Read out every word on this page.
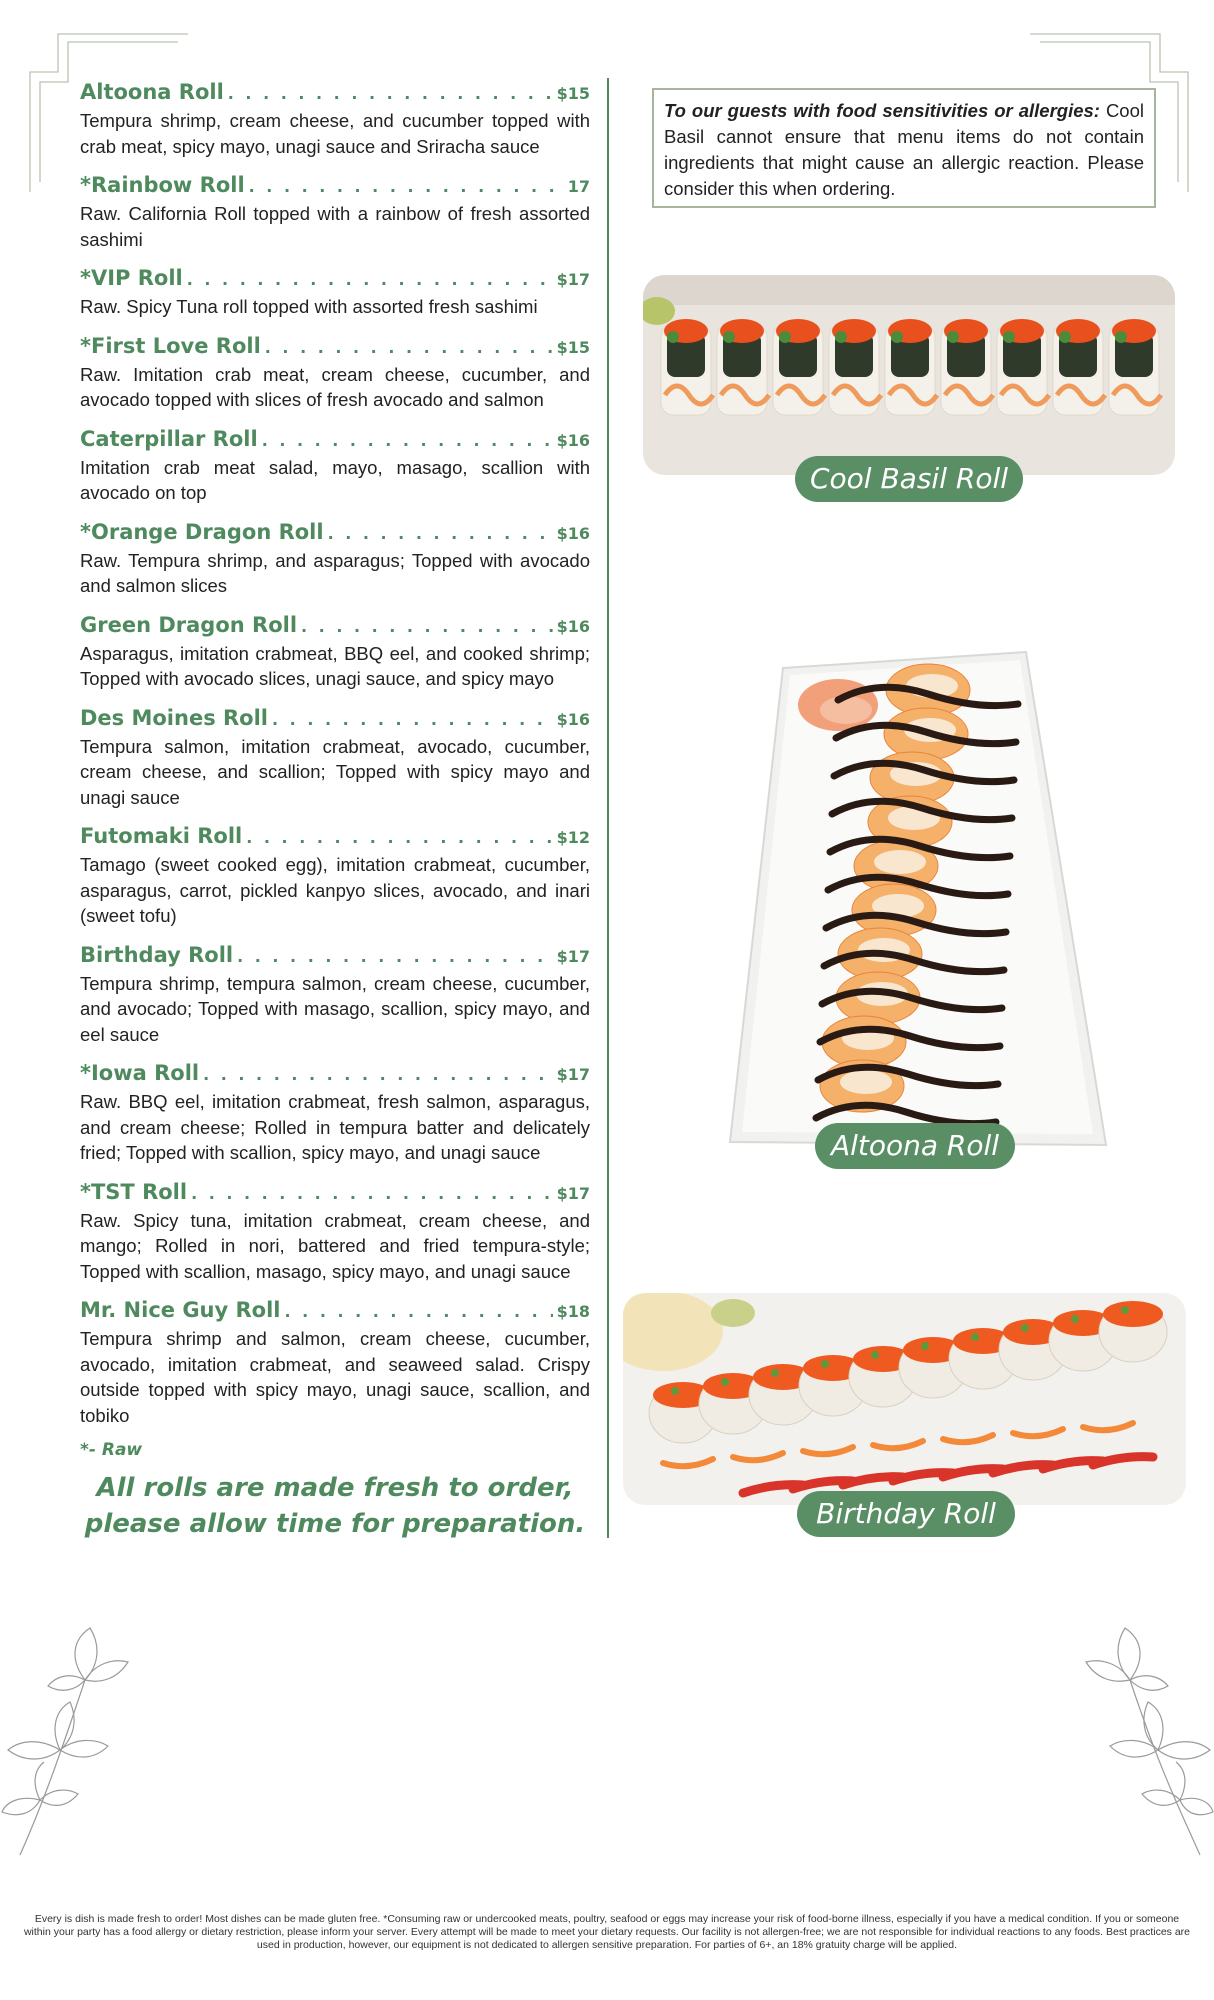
Altoona Roll . . .	$15

Tempura shrimp, cream cheese, and cucumber topped with crab meat, spicy mayo, unagi sauce and Sriracha sauce

*Rainbow Roll . . .	17

Raw. California Roll topped with a rainbow of fresh assorted sashimi

*VIP Roll . . .	$17

Raw. Spicy Tuna roll topped with assorted fresh sashimi

*First Love Roll . . .	$15

Raw. Imitation crab meat, cream cheese, cucumber, and avocado topped with slices of fresh avocado and salmon

Caterpillar Roll . . .	$16

Imitation crab meat salad, mayo, masago, scallion with avocado on top

*Orange Dragon Roll . . .	$16

Raw. Tempura shrimp, and asparagus; Topped with avocado and salmon slices

Green Dragon Roll . . .	$16

Asparagus, imitation crabmeat, BBQ eel, and cooked shrimp; Topped with avocado slices, unagi sauce, and spicy mayo

Des Moines Roll . . .	$16

Tempura salmon, imitation crabmeat, avocado, cucumber, cream cheese, and scallion; Topped with spicy mayo and unagi sauce

Futomaki Roll . . .	$12

Tamago (sweet cooked egg), imitation crabmeat, cucumber, asparagus, carrot, pickled kanpyo slices, avocado, and inari (sweet tofu)

Birthday Roll . . .	$17

Tempura shrimp, tempura salmon, cream cheese, cucumber, and avocado; Topped with masago, scallion, spicy mayo, and eel sauce

*Iowa Roll . . .	$17

Raw. BBQ eel, imitation crabmeat, fresh salmon, asparagus, and cream cheese; Rolled in tempura batter and delicately fried; Topped with scallion, spicy mayo, and unagi sauce

*TST Roll . . .	$17

Raw. Spicy tuna, imitation crabmeat, cream cheese, and mango; Rolled in nori, battered and fried tempura-style; Topped with scallion, masago, spicy mayo, and unagi sauce

Mr. Nice Guy Roll . . .	$18

Tempura shrimp and salmon, cream cheese, cucumber, avocado, imitation crabmeat, and seaweed salad. Crispy outside topped with spicy mayo, unagi sauce, scallion, and tobiko

*- Raw
All rolls are made fresh to order,
please allow time for preparation.
To our guests with food sensitivities or allergies: Cool Basil cannot ensure that menu items do not contain ingredients that might cause an allergic reaction. Please consider this when ordering.
Cool Basil Roll
Altoona Roll
Birthday Roll
Every is dish is made fresh to order! Most dishes can be made gluten free. *Consuming raw or undercooked meats, poultry, seafood or eggs may increase your risk of food-borne illness, especially if you have a medical condition. If you or someone within your party has a food allergy or dietary restriction, please inform your server. Every attempt will be made to meet your dietary requests. Our facility is not allergen-free; we are not responsible for individual reactions to any foods. Best practices are used in production, however, our equipment is not dedicated to allergen sensitive preparation. For parties of 6+, an 18% gratuity charge will be applied.
